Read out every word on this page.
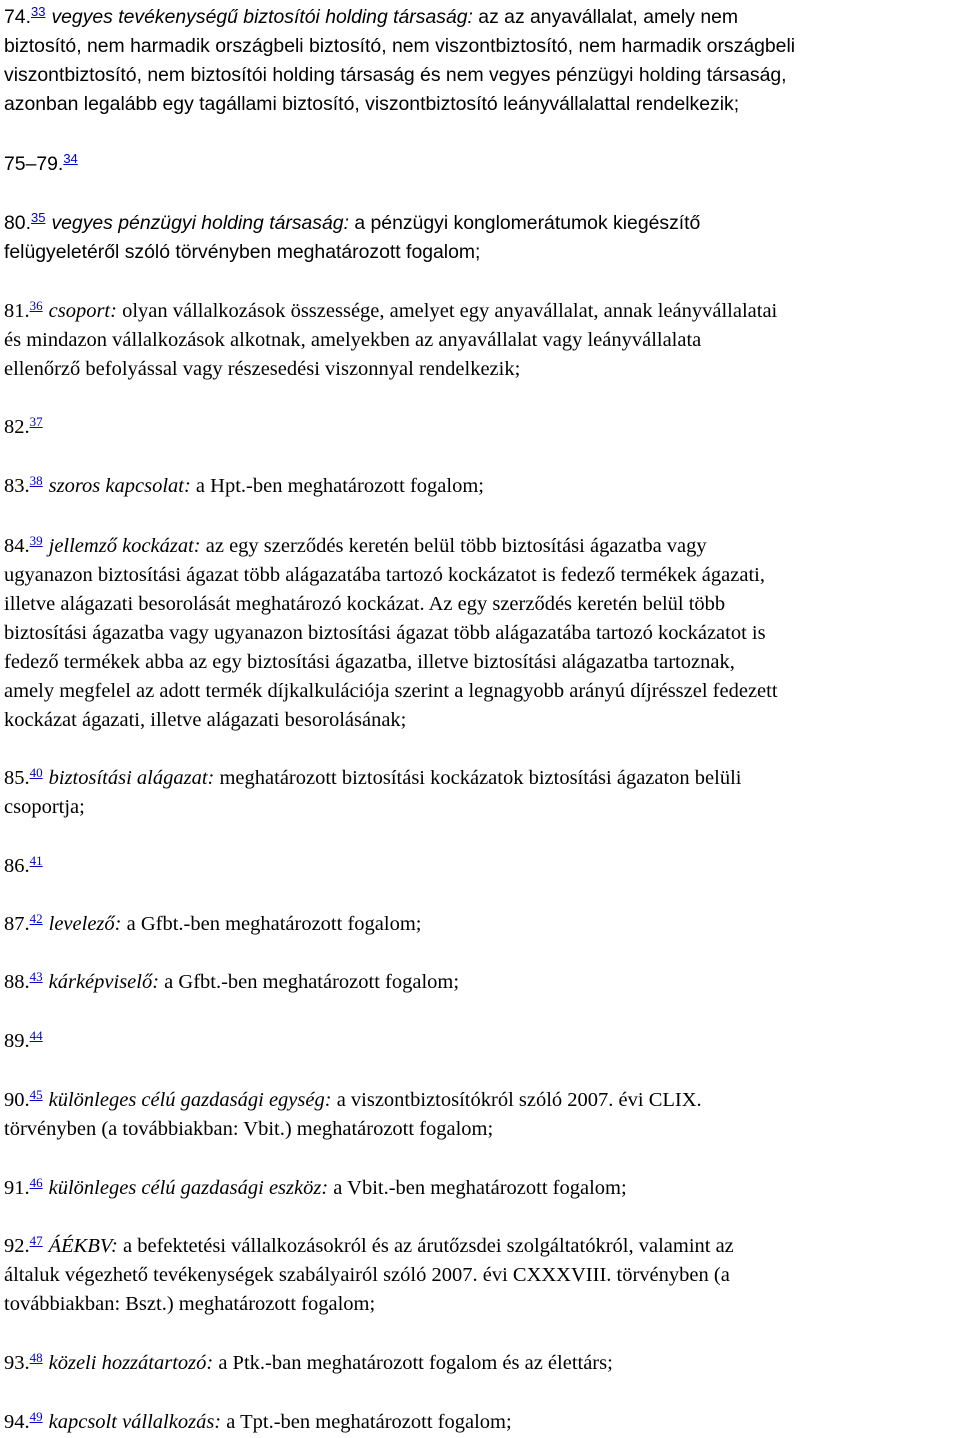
74.33 vegyes tevékenységű biztosítói holding társaság: az az anyavállalat, amely nem
biztosító, nem harmadik országbeli biztosító, nem viszontbiztosító, nem harmadik országbeli
viszontbiztosító, nem biztosítói holding társaság és nem vegyes pénzügyi holding társaság,
azonban legalább egy tagállami biztosító, viszontbiztosító leányvállalattal rendelkezik;
75–79.34
80.35 vegyes pénzügyi holding társaság: a pénzügyi konglomerátumok kiegészítő
felügyeletéről szóló törvényben meghatározott fogalom;
81.36 csoport: olyan vállalkozások összessége, amelyet egy anyavállalat, annak leányvállalatai
és mindazon vállalkozások alkotnak, amelyekben az anyavállalat vagy leányvállalata
ellenőrző befolyással vagy részesedési viszonnyal rendelkezik;
82.37
83.38 szoros kapcsolat: a Hpt.-ben meghatározott fogalom;
84.39 jellemző kockázat: az egy szerződés keretén belül több biztosítási ágazatba vagy
ugyanazon biztosítási ágazat több alágazatába tartozó kockázatot is fedező termékek ágazati,
illetve alágazati besorolását meghatározó kockázat. Az egy szerződés keretén belül több
biztosítási ágazatba vagy ugyanazon biztosítási ágazat több alágazatába tartozó kockázatot is
fedező termékek abba az egy biztosítási ágazatba, illetve biztosítási alágazatba tartoznak,
amely megfelel az adott termék díjkalkulációja szerint a legnagyobb arányú díjrésszel fedezett
kockázat ágazati, illetve alágazati besorolásának;
85.40 biztosítási alágazat: meghatározott biztosítási kockázatok biztosítási ágazaton belüli
csoportja;
86.41
87.42 levelező: a Gfbt.-ben meghatározott fogalom;
88.43 kárképviselő: a Gfbt.-ben meghatározott fogalom;
89.44
90.45 különleges célú gazdasági egység: a viszontbiztosítókról szóló 2007. évi CLIX.
törvényben (a továbbiakban: Vbit.) meghatározott fogalom;
91.46 különleges célú gazdasági eszköz: a Vbit.-ben meghatározott fogalom;
92.47 ÁÉKBV: a befektetési vállalkozásokról és az árutőzsdei szolgáltatókról, valamint az
általuk végezhető tevékenységek szabályairól szóló 2007. évi CXXXVIII. törvényben (a
továbbiakban: Bszt.) meghatározott fogalom;
93.48 közeli hozzátartozó: a Ptk.-ban meghatározott fogalom és az élettárs;
94.49 kapcsolt vállalkozás: a Tpt.-ben meghatározott fogalom;
